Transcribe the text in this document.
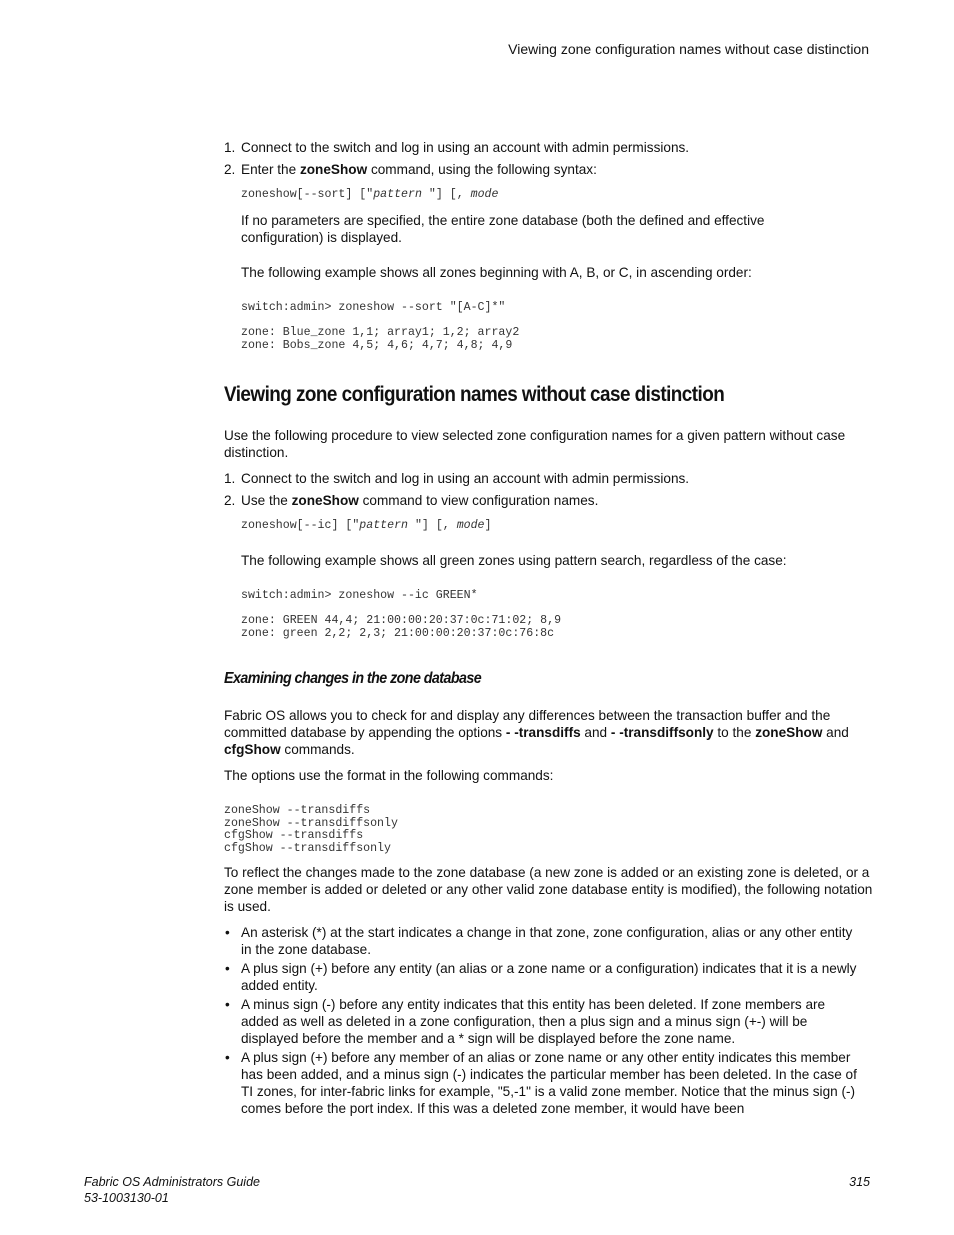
Viewing zone configuration names without case distinction
1. Connect to the switch and log in using an account with admin permissions.
2. Enter the zoneShow command, using the following syntax:
zoneshow[--sort] ["pattern "] [, mode
If no parameters are specified, the entire zone database (both the defined and effective configuration) is displayed.
The following example shows all zones beginning with A, B, or C, in ascending order:
switch:admin> zoneshow --sort "[A-C]*"
zone: Blue_zone 1,1; array1; 1,2; array2
zone: Bobs_zone 4,5; 4,6; 4,7; 4,8; 4,9
Viewing zone configuration names without case distinction
Use the following procedure to view selected zone configuration names for a given pattern without case distinction.
1. Connect to the switch and log in using an account with admin permissions.
2. Use the zoneShow command to view configuration names.
zoneshow[--ic] ["pattern "] [, mode]
The following example shows all green zones using pattern search, regardless of the case:
switch:admin> zoneshow --ic GREEN*
zone: GREEN 44,4; 21:00:00:20:37:0c:71:02; 8,9
zone: green 2,2; 2,3; 21:00:00:20:37:0c:76:8c
Examining changes in the zone database
Fabric OS allows you to check for and display any differences between the transaction buffer and the committed database by appending the options - -transdiffs and - -transdiffsonly to the zoneShow and cfgShow commands.
The options use the format in the following commands:
zoneShow --transdiffs
zoneShow --transdiffsonly
cfgShow --transdiffs
cfgShow --transdiffsonly
To reflect the changes made to the zone database (a new zone is added or an existing zone is deleted, or a zone member is added or deleted or any other valid zone database entity is modified), the following notation is used.
• An asterisk (*) at the start indicates a change in that zone, zone configuration, alias or any other entity in the zone database.
• A plus sign (+) before any entity (an alias or a zone name or a configuration) indicates that it is a newly added entity.
• A minus sign (-) before any entity indicates that this entity has been deleted. If zone members are added as well as deleted in a zone configuration, then a plus sign and a minus sign (+-) will be displayed before the member and a * sign will be displayed before the zone name.
• A plus sign (+) before any member of an alias or zone name or any other entity indicates this member has been added, and a minus sign (-) indicates the particular member has been deleted. In the case of TI zones, for inter-fabric links for example, "5,-1" is a valid zone member. Notice that the minus sign (-) comes before the port index. If this was a deleted zone member, it would have been
Fabric OS Administrators Guide
53-1003130-01
315
